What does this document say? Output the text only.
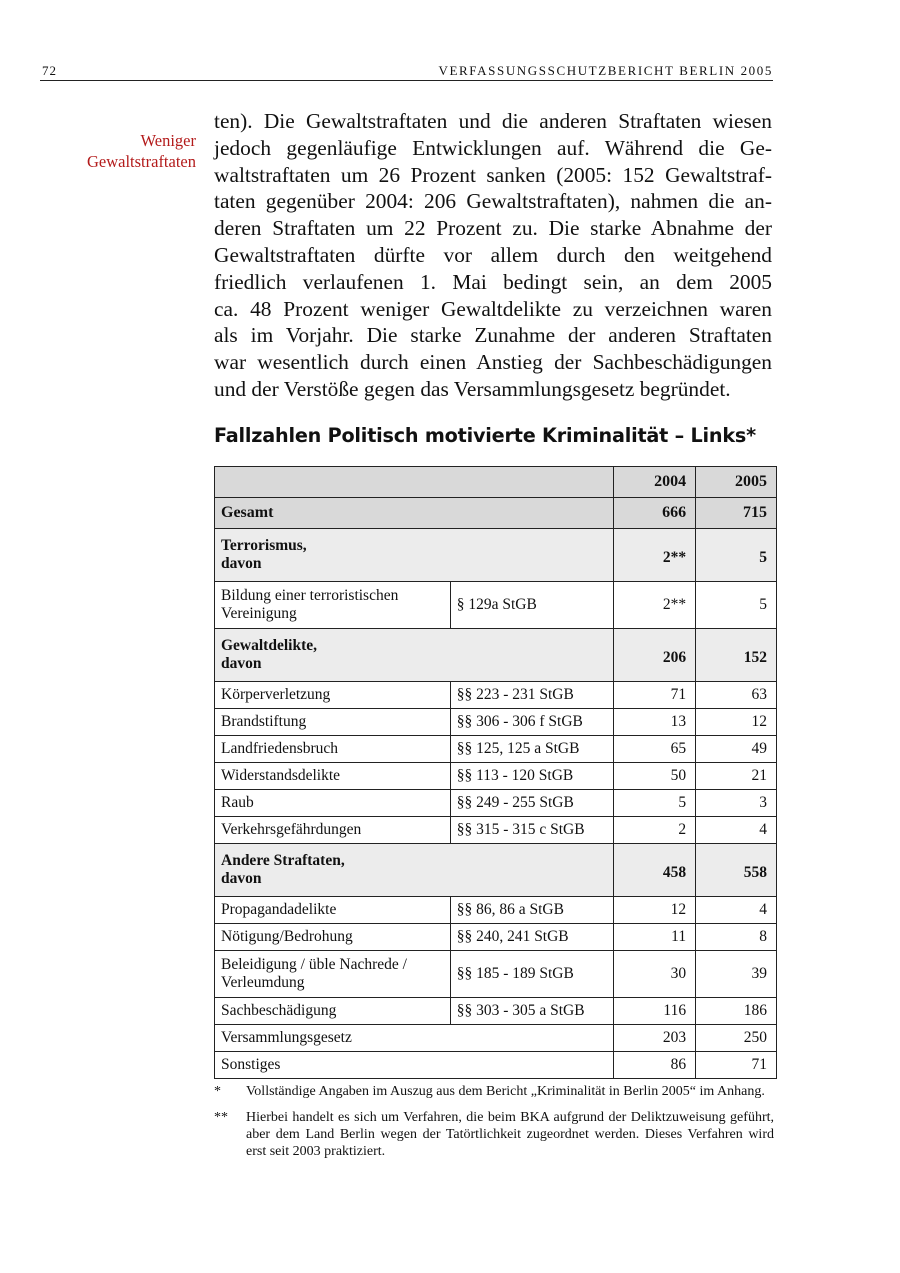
72	VERFASSUNGSSCHUTZBERICHT BERLIN 2005
Weniger
Gewaltstraftaten
ten). Die Gewaltstraftaten und die anderen Straftaten wiesen
jedoch gegenläufige Entwicklungen auf. Während die Ge-
waltstraftaten um 26 Prozent sanken (2005: 152 Gewaltstraf-
taten gegenüber 2004: 206 Gewaltstraftaten), nahmen die an-
deren Straftaten um 22 Prozent zu. Die starke Abnahme der
Gewaltstraftaten dürfte vor allem durch den weitgehend
friedlich verlaufenen 1. Mai bedingt sein, an dem 2005
ca. 48 Prozent weniger Gewaltdelikte zu verzeichnen waren
als im Vorjahr. Die starke Zunahme der anderen Straftaten
war wesentlich durch einen Anstieg der Sachbeschädigungen
und der Verstöße gegen das Versammlungsgesetz begründet.
Fallzahlen Politisch motivierte Kriminalität – Links*
		2004	2005
Gesamt		666	715

Terrorismus,
davon		2**	5

Bildung einer terroristischen
Vereinigung	§ 129a StGB	2**	5

Gewaltdelikte,
davon		206	152
Körperverletzung	§§ 223 - 231 StGB	71	63
Brandstiftung	§§ 306 - 306 f StGB	13	12
Landfriedensbruch	§§ 125, 125 a StGB	65	49
Widerstandsdelikte	§§ 113 - 120 StGB	50	21
Raub	§§ 249 - 255 StGB	5	3
Verkehrsgefährdungen	§§ 315 - 315 c StGB	2	4

Andere Straftaten,
davon		458	558
Propagandadelikte	§§ 86, 86 a StGB	12	4
Nötigung/Bedrohung	§§ 240, 241 StGB	11	8

Beleidigung / üble Nachrede /
Verleumdung	§§ 185 - 189 StGB	30	39
Sachbeschädigung	§§ 303 - 305 a StGB	116	186
Versammlungsgesetz		203	250
Sonstiges		86	71
* Vollständige Angaben im Auszug aus dem Bericht „Kriminalität in Berlin 2005“ im Anhang.
** Hierbei handelt es sich um Verfahren, die beim BKA aufgrund der Deliktzuweisung geführt, aber dem Land Berlin wegen der Tatörtlichkeit zugeordnet werden. Dieses Verfahren wird erst seit 2003 praktiziert.
